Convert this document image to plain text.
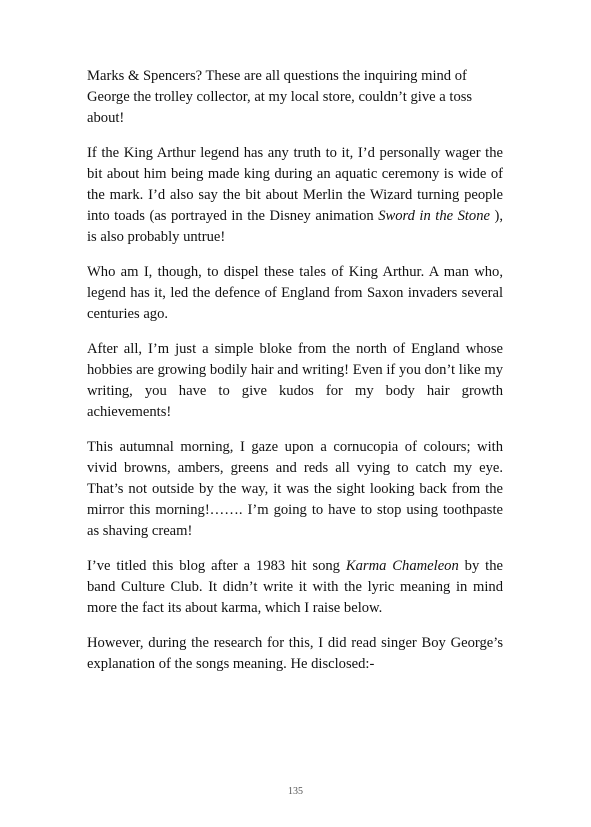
Marks & Spencers? These are all questions the inquiring mind of George the trolley collector, at my local store, couldn’t give a toss about!

If the King Arthur legend has any truth to it, I’d personally wager the bit about him being made king during an aquatic ceremony is wide of the mark. I’d also say the bit about Merlin the Wizard turning people into toads (as portrayed in the Disney animation Sword in the Stone ), is also probably untrue!

Who am I, though, to dispel these tales of King Arthur. A man who, legend has it, led the defence of England from Saxon invaders several centuries ago.

After all, I’m just a simple bloke from the north of England whose hobbies are growing bodily hair and writing! Even if you don’t like my writing, you have to give kudos for my body hair growth achievements!

This autumnal morning, I gaze upon a cornucopia of colours; with vivid browns, ambers, greens and reds all vying to catch my eye. That’s not outside by the way, it was the sight looking back from the mirror this morning!……. I’m going to have to stop using toothpaste as shaving cream!

I’ve titled this blog after a 1983 hit song Karma Chameleon by the band Culture Club. It didn’t write it with the lyric meaning in mind more the fact its about karma, which I raise below.

However, during the research for this, I did read singer Boy George’s explanation of the songs meaning. He disclosed:-

135
